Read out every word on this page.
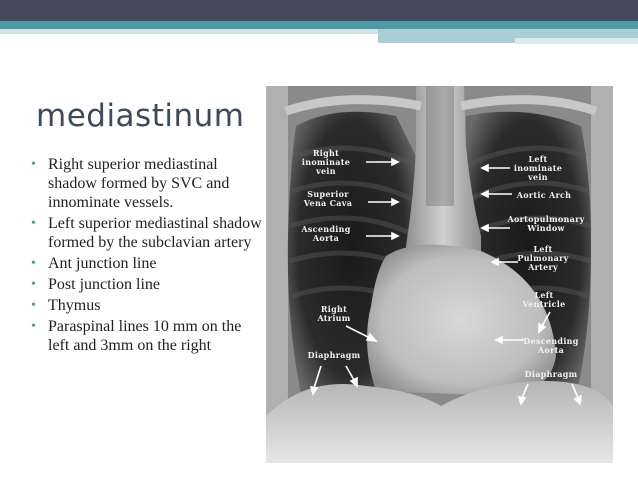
mediastinum
• Right superior mediastinal shadow formed by SVC and innominate vessels.
• Left superior mediastinal shadow formed by the subclavian artery
• Ant junction line
• Post junction line
• Thymus
• Paraspinal lines 10 mm on the left and 3mm on the right
Right
inominate
vein
Superior
Vena Cava
Ascending
Aorta
Right
Atrium
Diaphragm
Left
inominate
vein
Aortic Arch
Aortopulmonary
Window
Left
Pulmonary
Artery
Left
Ventricle
Descending
Aorta
Diaphragm
